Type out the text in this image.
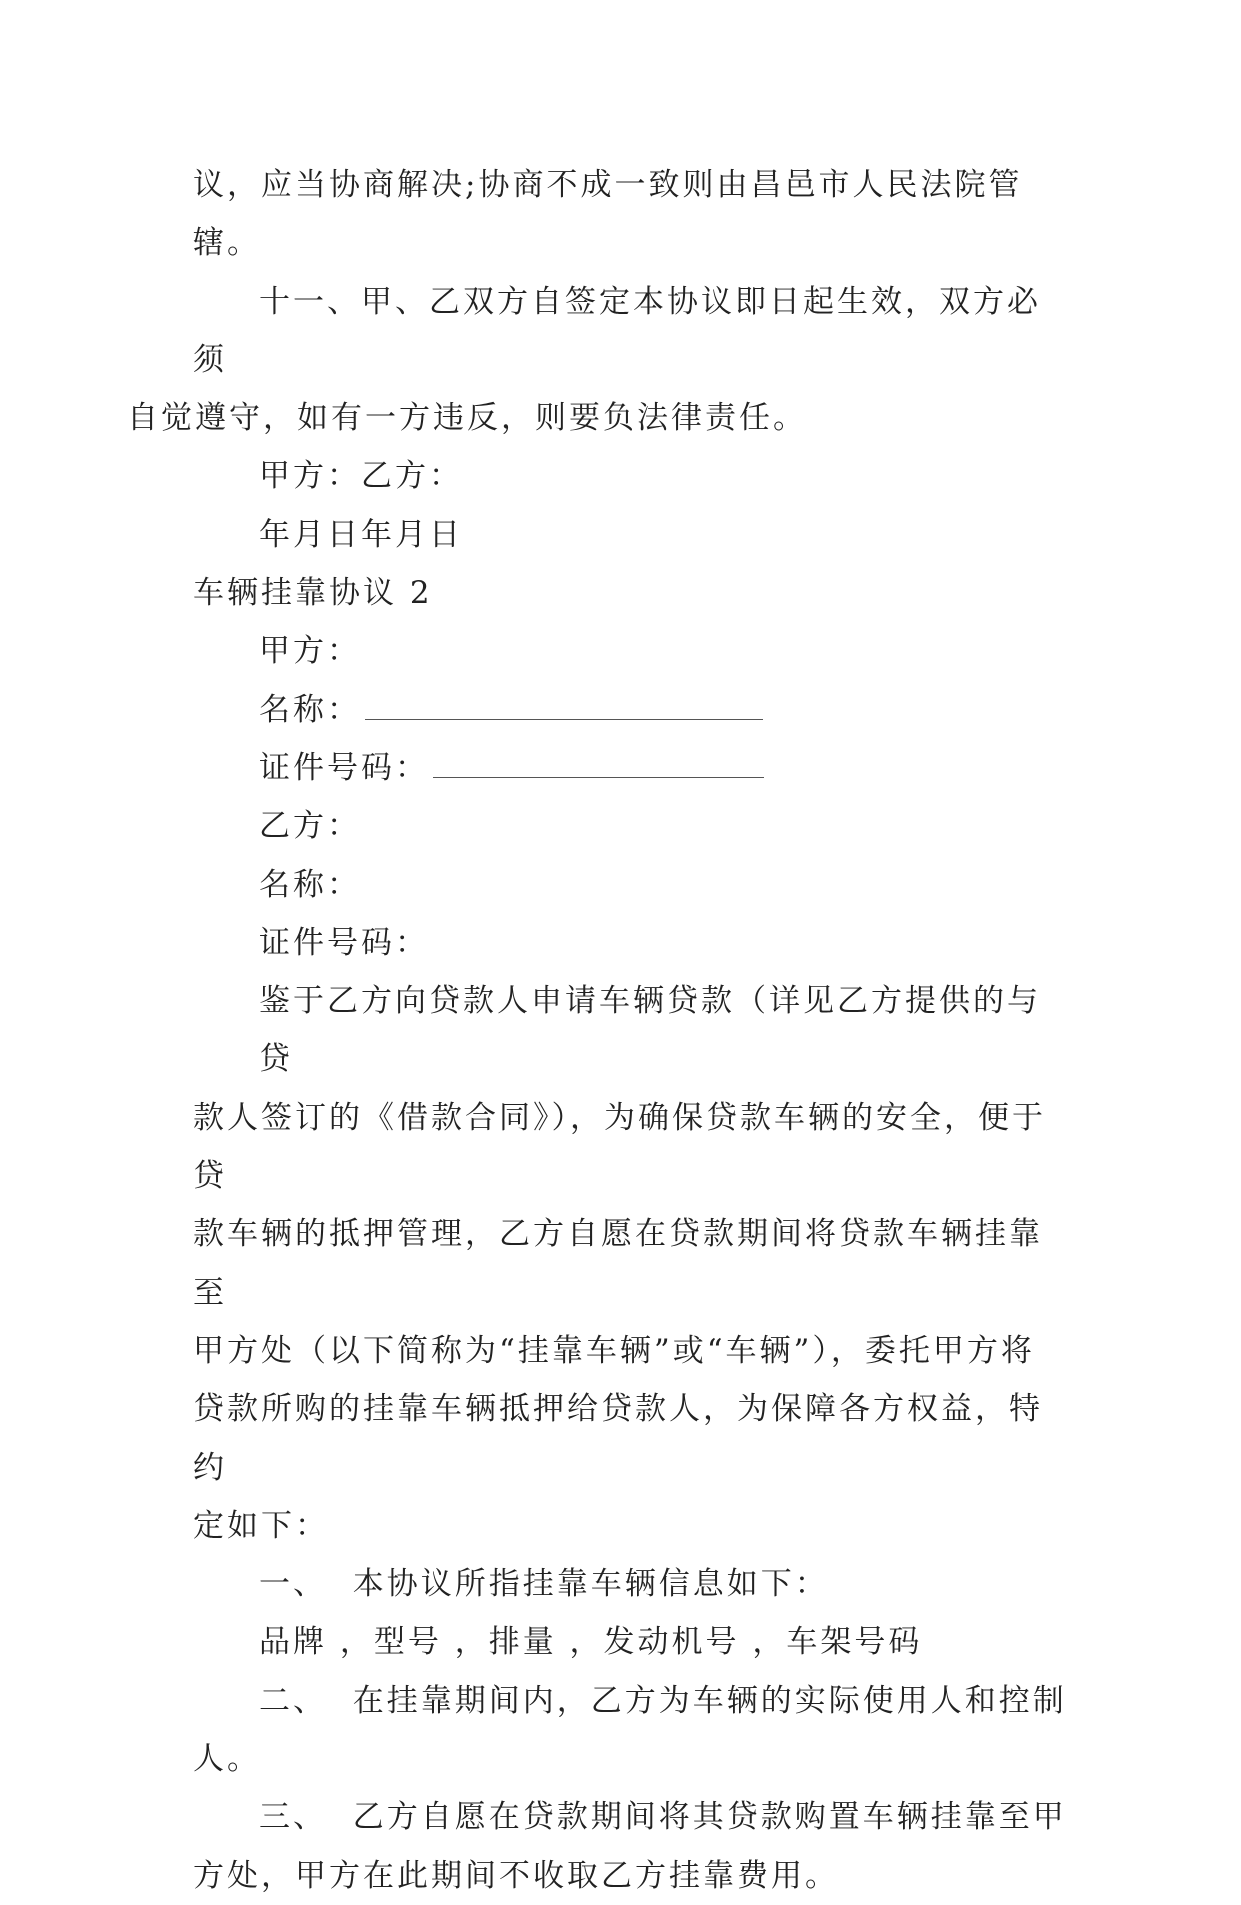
议，应当协商解决;协商不成一致则由昌邑市人民法院管辖。

十一、甲、乙双方自签定本协议即日起生效，双方必须
自觉遵守，如有一方违反，则要负法律责任。

甲方：乙方：

年月日年月日

车辆挂靠协议 2

甲方：

名称：

证件号码：

乙方：

名称：

证件号码：

鉴于乙方向贷款人申请车辆贷款（详见乙方提供的与贷
款人签订的《借款合同》），为确保贷款车辆的安全，便于贷
款车辆的抵押管理，乙方自愿在贷款期间将贷款车辆挂靠至
甲方处（以下简称为“挂靠车辆”或“车辆”），委托甲方将
贷款所购的挂靠车辆抵押给贷款人，为保障各方权益，特约
定如下：

一、  本协议所指挂靠车辆信息如下：

品牌 ，型号 ，排量 ，发动机号 ，车架号码

二、  在挂靠期间内，乙方为车辆的实际使用人和控制
人。

三、  乙方自愿在贷款期间将其贷款购置车辆挂靠至甲
方处，甲方在此期间不收取乙方挂靠费用。
